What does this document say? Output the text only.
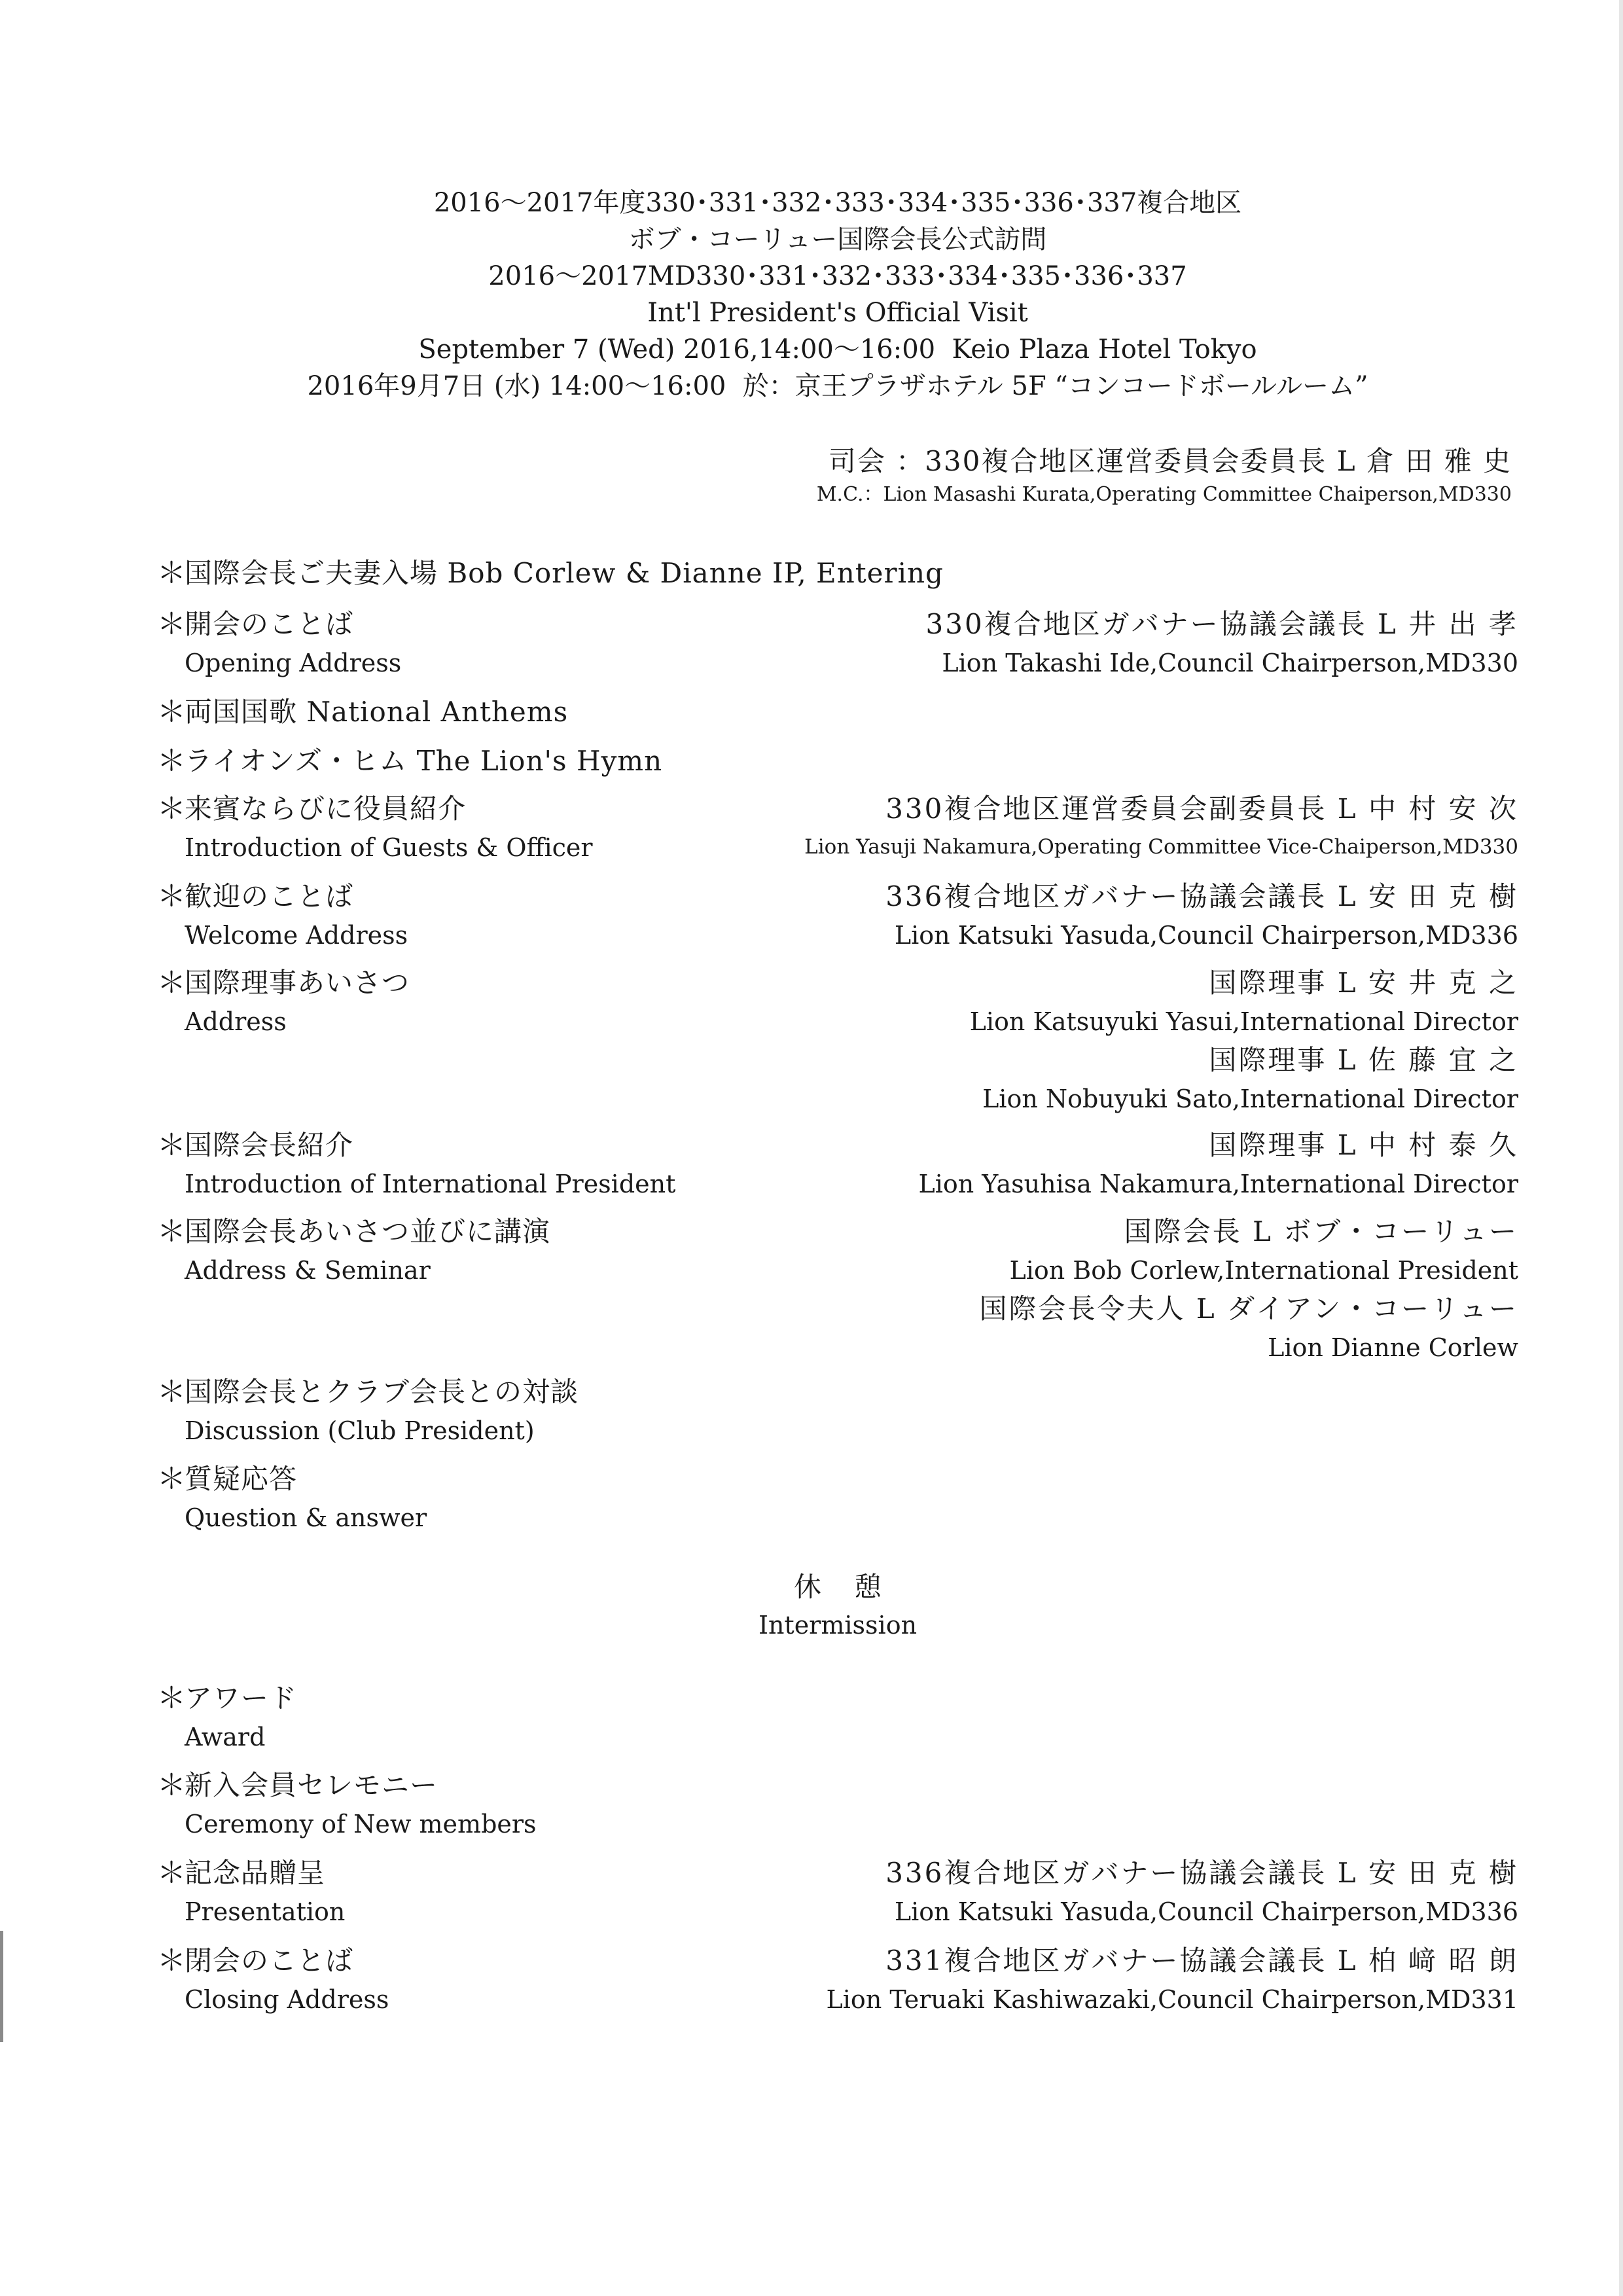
2016～2017年度330･331･332･333･334･335･336･337複合地区
ボブ・コーリュー国際会長公式訪問
2016～2017MD330･331･332･333･334･335･336･337
Int'l President's Official Visit
September 7 (Wed) 2016,14:00～16:00  Keio Plaza Hotel Tokyo
2016年9月7日 (水) 14:00～16:00  於：京王プラザホテル 5F “コンコードボールルーム”
司会 ：330複合地区運営委員会委員長 L 倉 田 雅 史
M.C.：Lion Masashi Kurata,Operating Committee Chaiperson,MD330
＊国際会長ご夫妻入場 Bob Corlew & Dianne IP, Entering
＊開会のことば
Opening Address
330複合地区ガバナー協議会議長 L 井 出 孝
Lion Takashi Ide,Council Chairperson,MD330
＊両国国歌 National Anthems
＊ライオンズ・ヒム The Lion's Hymn
＊来賓ならびに役員紹介
Introduction of Guests & Officer
330複合地区運営委員会副委員長 L 中 村 安 次
Lion Yasuji Nakamura,Operating Committee Vice-Chaiperson,MD330
＊歓迎のことば
Welcome Address
336複合地区ガバナー協議会議長 L 安 田 克 樹
Lion Katsuki Yasuda,Council Chairperson,MD336
＊国際理事あいさつ
Address
国際理事 L 安 井 克 之
Lion Katsuyuki Yasui,International Director
国際理事 L 佐 藤 宜 之
Lion Nobuyuki Sato,International Director
＊国際会長紹介
Introduction of International President
国際理事 L 中 村 泰 久
Lion Yasuhisa Nakamura,International Director
＊国際会長あいさつ並びに講演
Address & Seminar
国際会長 L ボブ・コーリュー
Lion Bob Corlew,International President
国際会長令夫人 L ダイアン・コーリュー
Lion Dianne Corlew
＊国際会長とクラブ会長との対談
Discussion (Club President)
＊質疑応答
Question & answer
休憩
Intermission
＊アワード
Award
＊新入会員セレモニー
Ceremony of New members
＊記念品贈呈
Presentation
336複合地区ガバナー協議会議長 L 安 田 克 樹
Lion Katsuki Yasuda,Council Chairperson,MD336
＊閉会のことば
Closing Address
331複合地区ガバナー協議会議長 L 柏 﨑 昭 朗
Lion Teruaki Kashiwazaki,Council Chairperson,MD331
